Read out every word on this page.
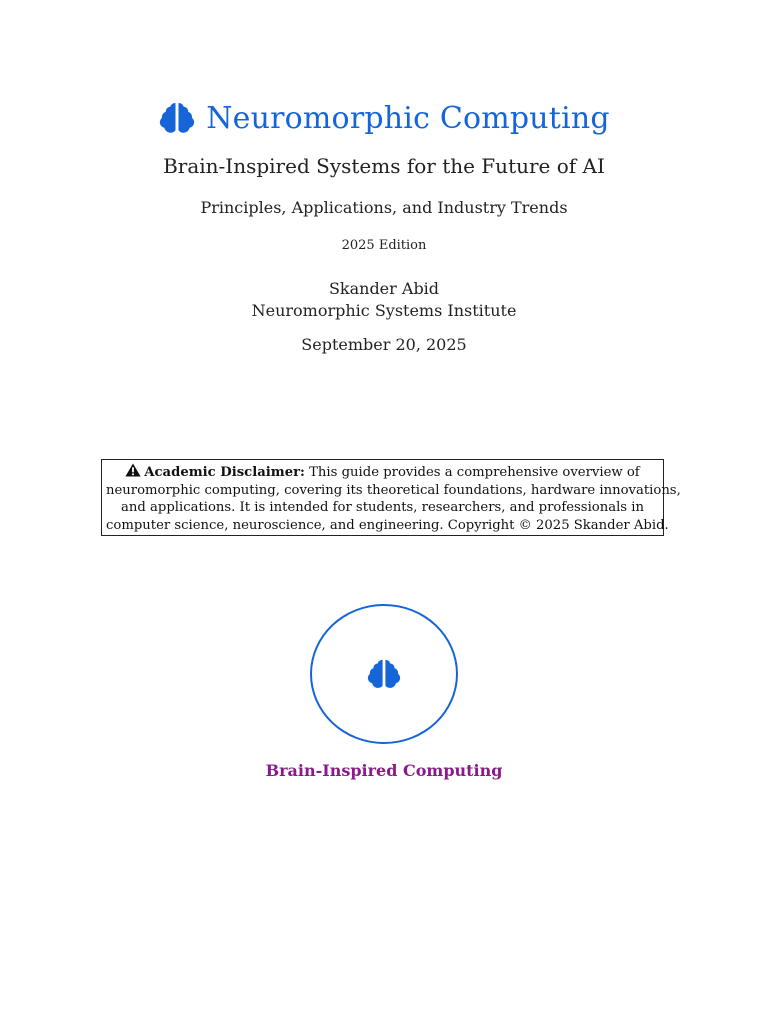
Neuromorphic Computing
Brain-Inspired Systems for the Future of AI
Principles, Applications, and Industry Trends
2025 Edition
Skander Abid
Neuromorphic Systems Institute
September 20, 2025
Academic Disclaimer: This guide provides a comprehensive overview of
neuromorphic computing, covering its theoretical foundations, hardware innovations,
and applications. It is intended for students, researchers, and professionals in
computer science, neuroscience, and engineering. Copyright © 2025 Skander Abid.
Brain-Inspired Computing
